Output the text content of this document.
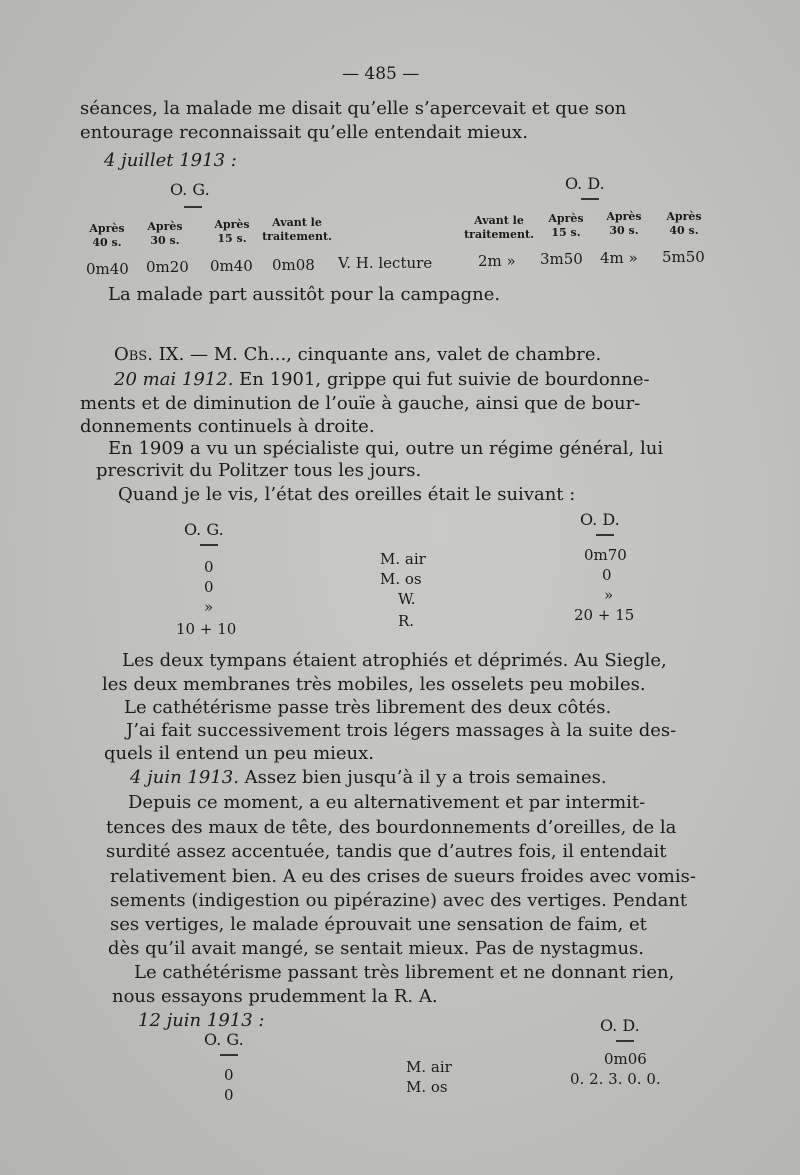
— 485 —
séances, la malade me disait qu’elle s’apercevait et que son
entourage reconnaissait qu’elle entendait mieux.
4 juillet 1913 :
O. G.	O. D.
Après
40 s.
Après
30 s.
Après
15 s.
Avant le
traitement.
Avant le
traitement.
Après
15 s.
Après
30 s.
Après
40 s.
0m40 0m20 0m40 0m08 V. H. lecture	2m » 3m50 4m » 5m50
La malade part aussitôt pour la campagne.
Obs. IX. — M. Ch..., cinquante ans, valet de chambre.
20 mai 1912. En 1901, grippe qui fut suivie de bourdonne-
ments et de diminution de l’ouïe à gauche, ainsi que de bour-
donnements continuels à droite.
En 1909 a vu un spécialiste qui, outre un régime général, lui
prescrivit du Politzer tous les jours.
Quand je le vis, l’état des oreilles était le suivant :
O. G.
O. D.
0
0
»
10 + 10
M. air
M. os
W.
R.
0m70
0
»
20 + 15
Les deux tympans étaient atrophiés et déprimés. Au Siegle,
les deux membranes très mobiles, les osselets peu mobiles.
Le cathétérisme passe très librement des deux côtés.
J’ai fait successivement trois légers massages à la suite des-
quels il entend un peu mieux.
4 juin 1913. Assez bien jusqu’à il y a trois semaines.
Depuis ce moment, a eu alternativement et par intermit-
tences des maux de tête, des bourdonnements d’oreilles, de la
surdité assez accentuée, tandis que d’autres fois, il entendait
relativement bien. A eu des crises de sueurs froides avec vomis-
sements (indigestion ou pipérazine) avec des vertiges. Pendant
ses vertiges, le malade éprouvait une sensation de faim, et
dès qu’il avait mangé, se sentait mieux. Pas de nystagmus.
Le cathétérisme passant très librement et ne donnant rien,
nous essayons prudemment la R. A.
12 juin 1913 :
O. G.
O. D.
0
0
M. air
M. os
0m06
0. 2. 3. 0. 0.
